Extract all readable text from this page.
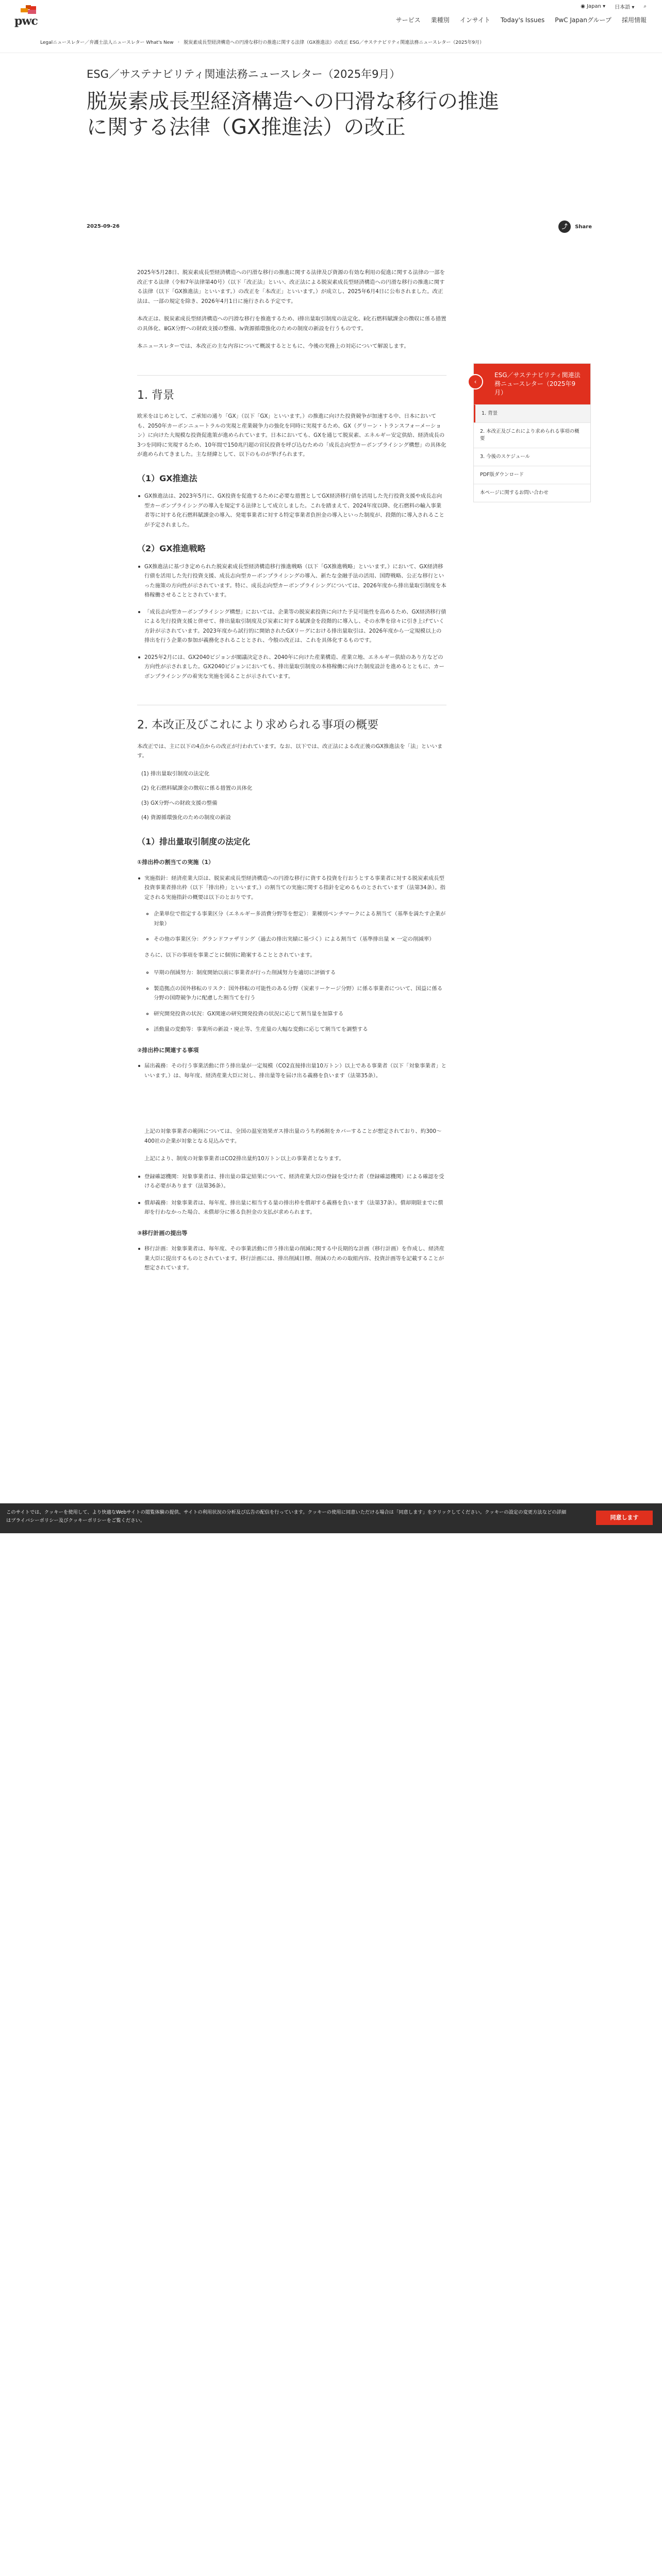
pwc
◉ Japan ▾ 日本語 ▾ ⌕
サービス 業種別 インサイト Today's Issues PwC Japanグループ 採用情報
Legalニュースレター／弁護士法人ニュースレター What's New › 脱炭素成長型経済構造への円滑な移行の推進に関する法律（GX推進法）の改正 ESG／サステナビリティ関連法務ニュースレター（2025年9月）
ESG／サステナビリティ関連法務ニュースレター（2025年9月）
脱炭素成長型経済構造への円滑な移行の推進に関する法律（GX推進法）の改正
2025-09-26	⤴	Share
‹
ESG／サステナビリティ関連法務ニュースレター（2025年9月）
1. 背景
2. 本改正及びこれにより求められる事項の概要
3. 今後のスケジュール
PDF版ダウンロード
本ページに関するお問い合わせ

2025年5月28日、脱炭素成長型経済構造への円滑な移行の推進に関する法律及び資源の有効な利用の促進に関する法律の一部を改正する法律（令和7年法律第40号）（以下「改正法」といい、改正法による脱炭素成長型経済構造への円滑な移行の推進に関する法律（以下「GX推進法」といいます。）の改正を「本改正」といいます。）が成立し、2025年6月4日に公布されました。改正法は、一部の規定を除き、2026年4月1日に施行される予定です。

本改正は、脱炭素成長型経済構造への円滑な移行を推進するため、ⅰ排出量取引制度の法定化、ⅱ化石燃料賦課金の徴収に係る措置の具体化、ⅲGX分野への財政支援の整備、ⅳ資源循環強化のための制度の新設を行うものです。

本ニュースレターでは、本改正の主な内容について概説するとともに、今後の実務上の対応について解説します。

1. 背景

欧米をはじめとして、ご承知の通り「GX」（以下「GX」といいます。）の推進に向けた投資競争が加速する中、日本においても、2050年カーボンニュートラルの実現と産業競争力の強化を同時に実現するため、GX（グリーン・トランスフォーメーション）に向けた大規模な投資促進策が進められています。日本においても、GXを通じて脱炭素、エネルギー安定供給、経済成長の3つを同時に実現するため、10年間で150兆円超の官民投資を呼び込むための「成長志向型カーボンプライシング構想」の具体化が進められてきました。主な経緯として、以下のものが挙げられます。

（1）GX推進法
GX推進法は、2023年5月に、GX投資を促進するために必要な措置としてGX経済移行債を活用した先行投資支援や成長志向型カーボンプライシングの導入を規定する法律として成立しました。これを踏まえて、2024年度以降、化石燃料の輸入事業者等に対する化石燃料賦課金の導入、発電事業者に対する特定事業者負担金の導入といった制度が、段階的に導入されることが予定されました。
（2）GX推進戦略
GX推進法に基づき定められた脱炭素成長型経済構造移行推進戦略（以下「GX推進戦略」といいます。）において、GX経済移行債を活用した先行投資支援、成長志向型カーボンプライシングの導入、新たな金融手法の活用、国際戦略、公正な移行といった施策の方向性が示されています。特に、成長志向型カーボンプライシングについては、2026年度から排出量取引制度を本格稼働させることとされています。
「成長志向型カーボンプライシング構想」においては、企業等の脱炭素投資に向けた予見可能性を高めるため、GX経済移行債による先行投資支援と併せて、排出量取引制度及び炭素に対する賦課金を段階的に導入し、その水準を徐々に引き上げていく方針が示されています。2023年度から試行的に開始されたGXリーグにおける排出量取引は、2026年度から一定規模以上の排出を行う企業の参加が義務化されることとされ、今般の改正は、これを具体化するものです。
2025年2月には、GX2040ビジョンが閣議決定され、2040年に向けた産業構造、産業立地、エネルギー供給のあり方などの方向性が示されました。GX2040ビジョンにおいても、排出量取引制度の本格稼働に向けた制度設計を進めるとともに、カーボンプライシングの着実な実施を図ることが示されています。
2. 本改正及びこれにより求められる事項の概要

本改正では、主に以下の4点からの改正が行われています。なお、以下では、改正法による改正後のGX推進法を「法」といいます。

(1) 排出量取引制度の法定化
(2) 化石燃料賦課金の徴収に係る措置の具体化
(3) GX分野への財政支援の整備
(4) 資源循環強化のための制度の新設
（1）排出量取引制度の法定化
①排出枠の割当ての実施（1）
実施指針：経済産業大臣は、脱炭素成長型経済構造への円滑な移行に資する投資を行おうとする事業者に対する脱炭素成長型投資事業者排出枠（以下「排出枠」といいます。）の割当ての実施に関する指針を定めるものとされています（法第34条）。指定される実施指針の概要は以下のとおりです。
企業単位で指定する事業区分（エネルギー多消費分野等を想定）：業種別ベンチマークによる割当て（基準を満たす企業が対象）
その他の事業区分：グランドファザリング（過去の排出実績に基づく）による割当て（基準排出量 × 一定の削減率）

さらに、以下の事項を事業ごとに個別に勘案することとされています。

早期の削減努力：制度開始以前に事業者が行った削減努力を適切に評価する
製造拠点の国外移転のリスク：国外移転の可能性のある分野（炭素リーケージ分野）に係る事業者について、国益に係る分野の国際競争力に配慮した割当てを行う
研究開発投資の状況：GX関連の研究開発投資の状況に応じて割当量を加算する
活動量の変動等：事業所の新設・廃止等、生産量の大幅な変動に応じて割当てを調整する
②排出枠に関連する事項
届出義務：その行う事業活動に伴う排出量が一定規模（CO2直接排出量10万トン）以上である事業者（以下「対象事業者」といいます。）は、毎年度、経済産業大臣に対し、排出量等を届け出る義務を負います（法第35条）。

上記の対象事業者の範囲については、全国の温室効果ガス排出量のうち約6割をカバーすることが想定されており、約300～400社の企業が対象となる見込みです。

上記により、制度の対象事業者はCO2排出量約10万トン以上の事業者となります。

登録確認機関：対象事業者は、排出量の算定結果について、経済産業大臣の登録を受けた者（登録確認機関）による確認を受ける必要があります（法第36条）。
償却義務：対象事業者は、毎年度、排出量に相当する量の排出枠を償却する義務を負います（法第37条）。償却期限までに償却を行わなかった場合、未償却分に係る負担金の支払が求められます。
③移行計画の提出等
移行計画：対象事業者は、毎年度、その事業活動に伴う排出量の削減に関する中長期的な計画（移行計画）を作成し、経済産業大臣に提出するものとされています。移行計画には、排出削減目標、削減のための取組内容、投資計画等を記載することが想定されています。
このサイトでは、クッキーを使用して、より快適なWebサイトの閲覧体験の提供、サイトの利用状況の分析及び広告の配信を行っています。クッキーの使用に同意いただける場合は「同意します」をクリックしてください。クッキーの設定の変更方法などの詳細はプライバシーポリシー及びクッキーポリシーをご覧ください。	同意します
